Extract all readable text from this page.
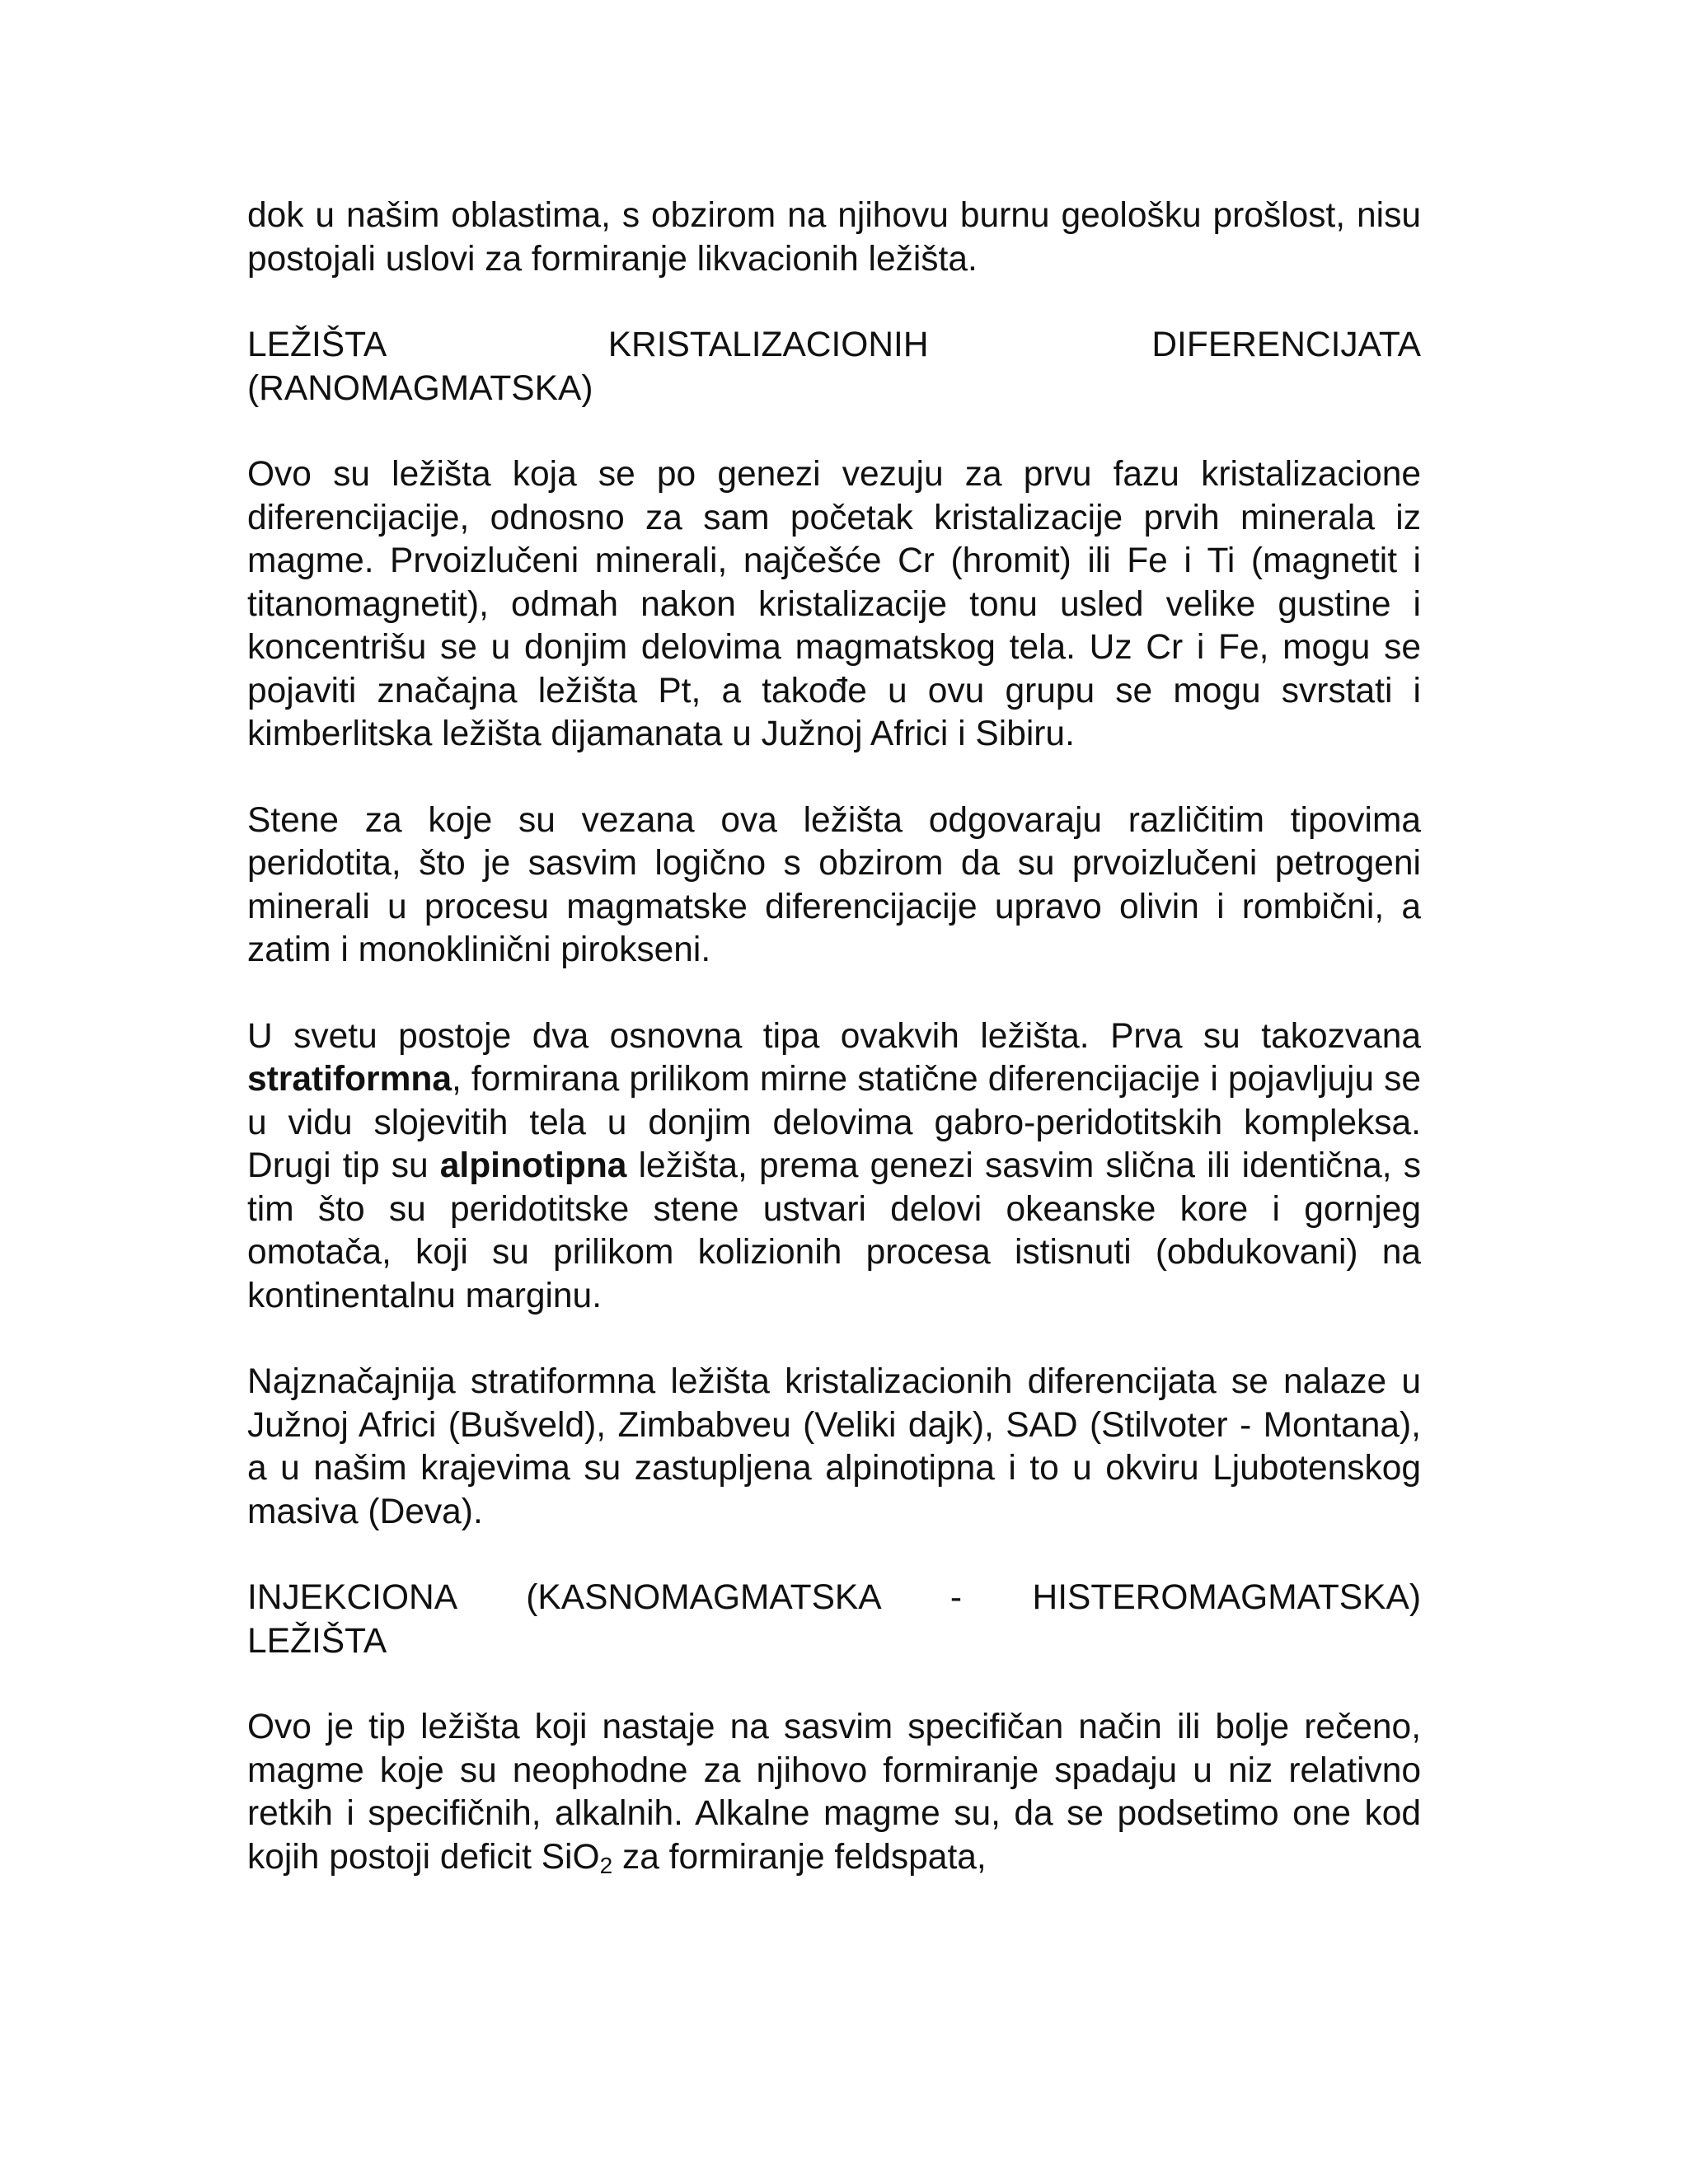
dok u našim oblastima, s obzirom na njihovu burnu geološku prošlost, nisu postojali uslovi za formiranje likvacionih ležišta.

LEŽIŠTA KRISTALIZACIONIH DIFERENCIJATA
(RANOMAGMATSKA)

Ovo su ležišta koja se po genezi vezuju za prvu fazu kristalizacione diferencijacije, odnosno za sam početak kristalizacije prvih minerala iz magme. Prvoizlučeni minerali, najčešće Cr (hromit) ili Fe i Ti (magnetit i titanomagnetit), odmah nakon kristalizacije tonu usled velike gustine i koncentrišu se u donjim delovima magmatskog tela. Uz Cr i Fe, mogu se pojaviti značajna ležišta Pt, a takođe u ovu grupu se mogu svrstati i kimberlitska ležišta dijamanata u Južnoj Africi i Sibiru.

Stene za koje su vezana ova ležišta odgovaraju različitim tipovima peridotita, što je sasvim logično s obzirom da su prvoizlučeni petrogeni minerali u procesu magmatske diferencijacije upravo olivin i rombični, a zatim i monoklinični pirokseni.

U svetu postoje dva osnovna tipa ovakvih ležišta. Prva su takozvana stratiformna, formirana prilikom mirne statične diferencijacije i pojavljuju se u vidu slojevitih tela u donjim delovima gabro-peridotitskih kompleksa. Drugi tip su alpinotipna ležišta, prema genezi sasvim slična ili identična, s tim što su peridotitske stene ustvari delovi okeanske kore i gornjeg omotača, koji su prilikom kolizionih procesa istisnuti (obdukovani) na kontinentalnu marginu.

Najznačajnija stratiformna ležišta kristalizacionih diferencijata se nalaze u Južnoj Africi (Bušveld), Zimbabveu (Veliki dajk), SAD (Stilvoter - Montana), a u našim krajevima su zastupljena alpinotipna i to u okviru Ljubotenskog masiva (Deva).

INJEKCIONA (KASNOMAGMATSKA - HISTEROMAGMATSKA)
LEŽIŠTA

Ovo je tip ležišta koji nastaje na sasvim specifičan način ili bolje rečeno, magme koje su neophodne za njihovo formiranje spadaju u niz relativno retkih i specifičnih, alkalnih. Alkalne magme su, da se podsetimo one kod kojih postoji deficit SiO$_2$ za formiranje feldspata,
